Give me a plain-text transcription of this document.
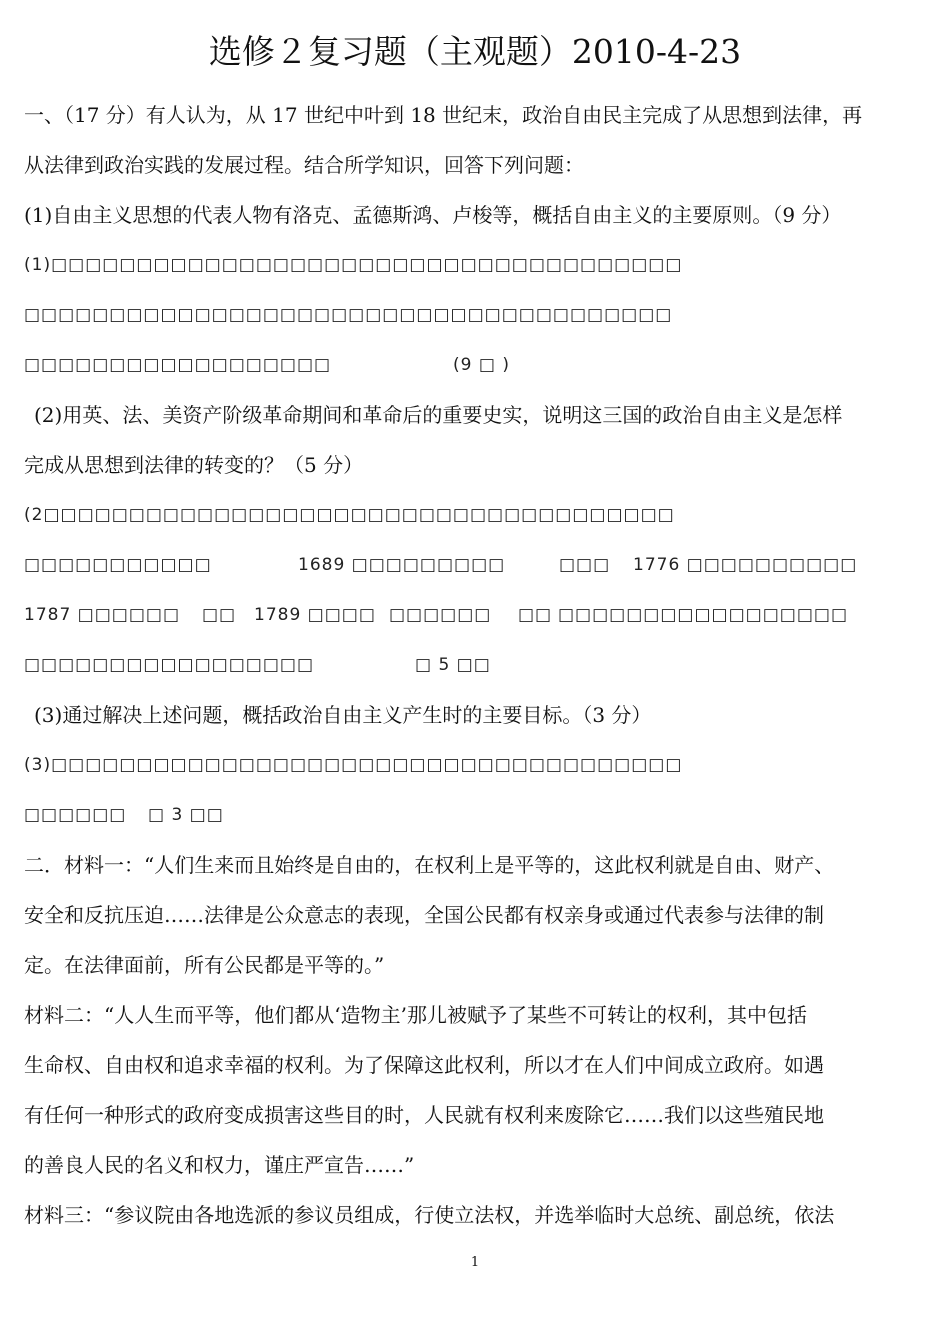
选修２复习题（主观题）2010-4-23
一、（17 分）有人认为，从 17 世纪中叶到 18 世纪末，政治自由民主完成了从思想到法律，再
从法律到政治实践的发展过程。结合所学知识，回答下列问题：
(1)自由主义思想的代表人物有洛克、孟德斯鸿、卢梭等，概括自由主义的主要原则。（9 分）
(1)□□□□□□□□□□□□□□□□□□□□□□□□□□□□□□□□□□□□□
□□□□□□□□□□□□□□□□□□□□□□□□□□□□□□□□□□□□□□
□□□□□□□□□□□□□□□□□□	(9 □ )
(2)用英、法、美资产阶级革命期间和革命后的重要史实，说明这三国的政治自由主义是怎样
完成从思想到法律的转变的？（5 分）
(2□□□□□□□□□□□□□□□□□□□□□□□□□□□□□□□□□□□□□
□□□□□□□□□□□	1689 □□□□□□□□□	□□□ 1776 □□□□□□□□□□
1787 □□□□□□ □□ 1789 □□□□ □□□□□□ □□ □□□□□□□□□□□□□□□□□
□□□□□□□□□□□□□□□□□	□ 5 □□
(3)通过解决上述问题，概括政治自由主义产生时的主要目标。（3 分）
(3)□□□□□□□□□□□□□□□□□□□□□□□□□□□□□□□□□□□□□
□□□□□□ □ 3 □□
二．材料一：“人们生来而且始终是自由的，在权利上是平等的，这此权利就是自由、财产、
安全和反抗压迫……法律是公众意志的表现，全国公民都有权亲身或通过代表参与法律的制
定。在法律面前，所有公民都是平等的。”
材料二：“人人生而平等，他们都从‘造物主’那儿被赋予了某些不可转让的权利，其中包括
生命权、自由权和追求幸福的权利。为了保障这此权利，所以才在人们中间成立政府。如遇
有任何一种形式的政府变成损害这些目的时，人民就有权利来废除它……我们以这些殖民地
的善良人民的名义和权力，谨庄严宣告……”
材料三：“参议院由各地选派的参议员组成，行使立法权，并选举临时大总统、副总统，依法
1
